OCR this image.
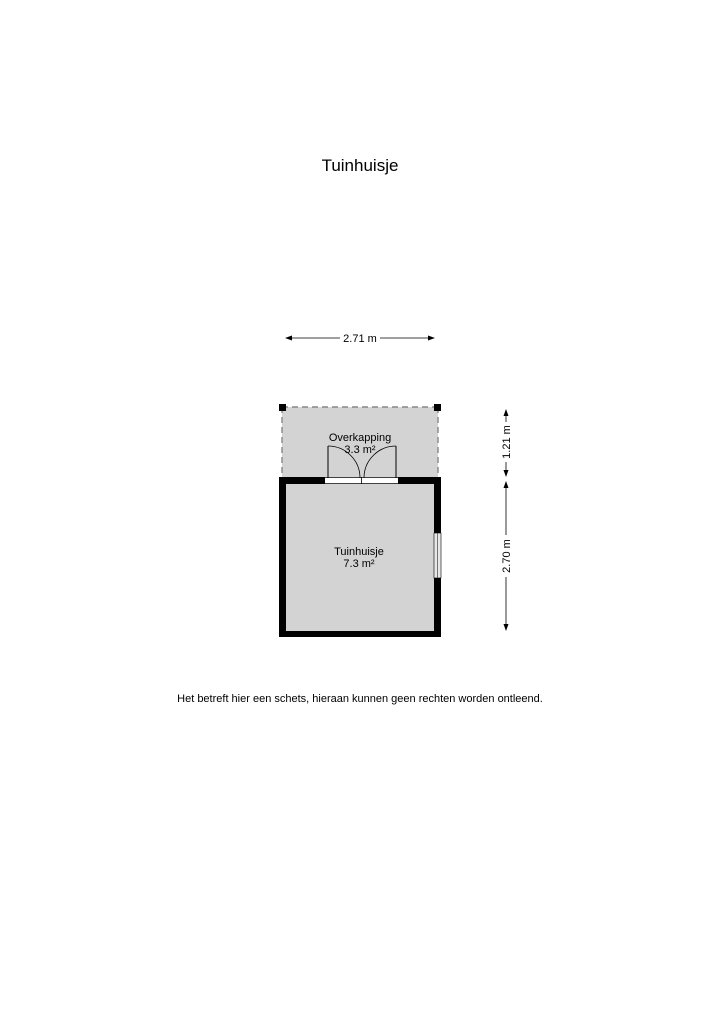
Tuinhuisje
2.71 m
Overkapping
3.3 m²
Tuinhuisje
7.3 m²
1.21 m
2.70 m
Het betreft hier een schets, hieraan kunnen geen rechten worden ontleend.
